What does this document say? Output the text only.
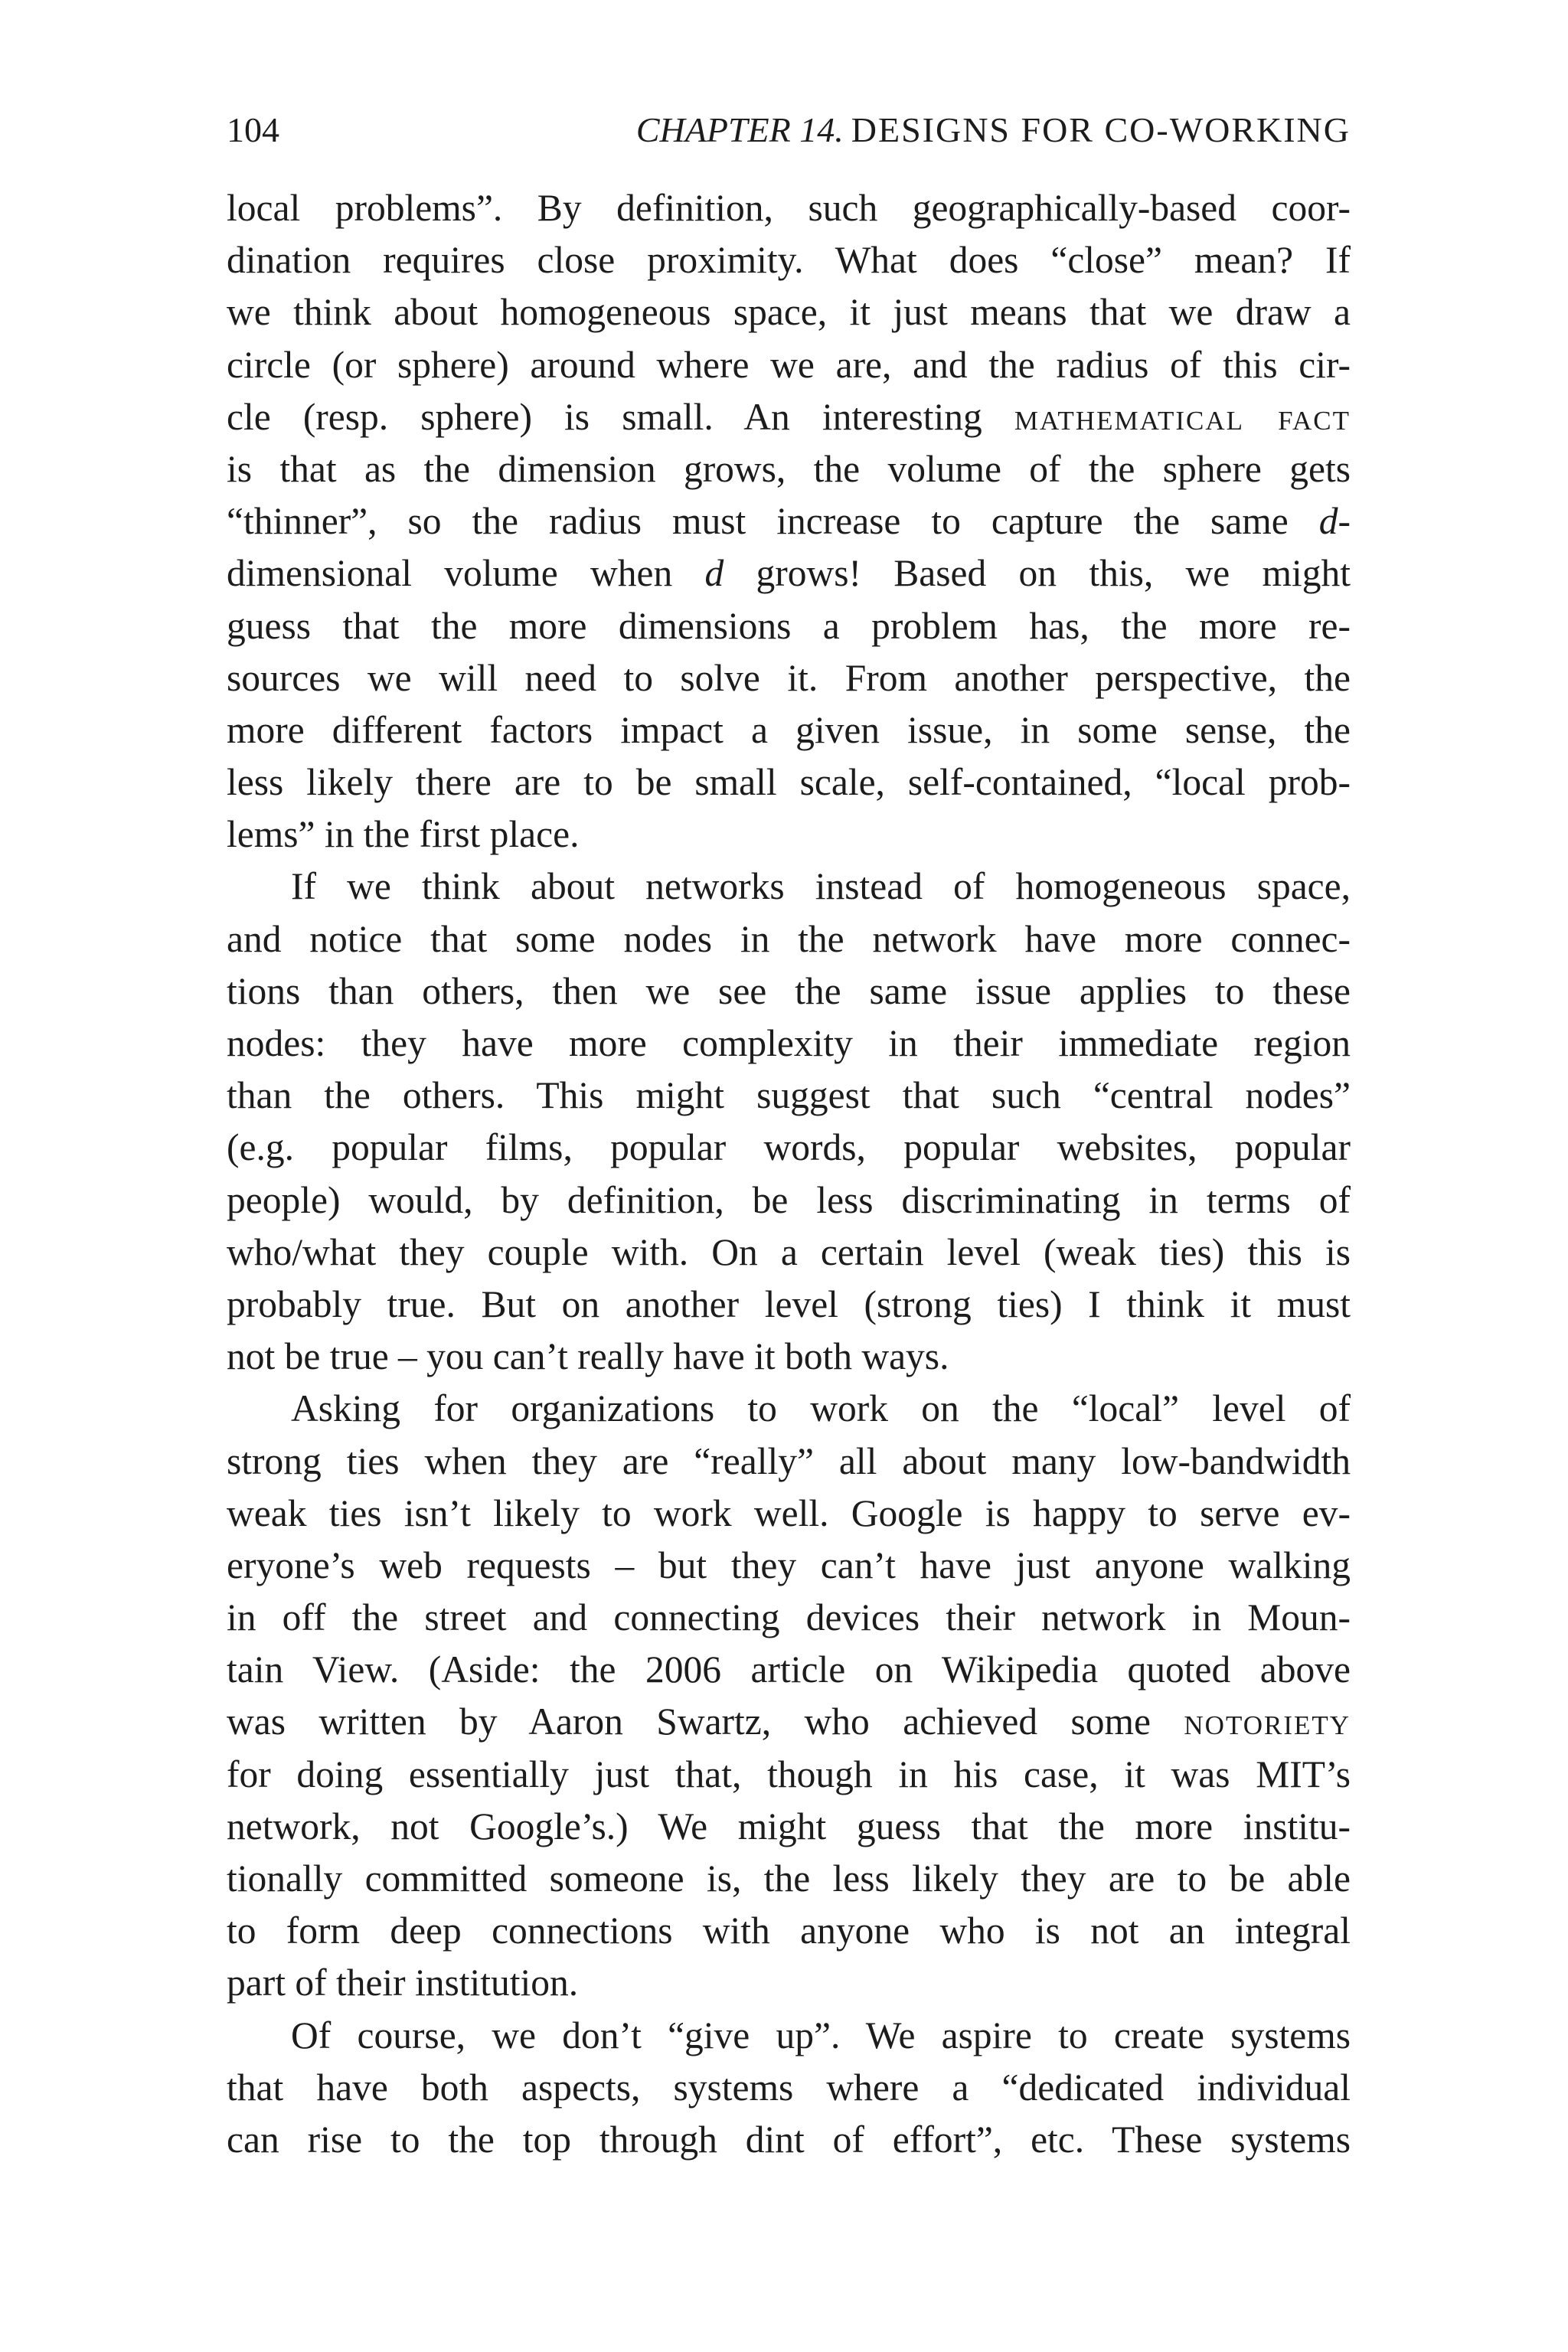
104	CHAPTER 14. DESIGNS FOR CO-WORKING
local problems”. By definition, such geographically-based coor-
dination requires close proximity. What does “close” mean? If
we think about homogeneous space, it just means that we draw a
circle (or sphere) around where we are, and the radius of this cir-
cle (resp. sphere) is small. An interesting mathematical fact
is that as the dimension grows, the volume of the sphere gets
“thinner”, so the radius must increase to capture the same d-
dimensional volume when d grows! Based on this, we might
guess that the more dimensions a problem has, the more re-
sources we will need to solve it. From another perspective, the
more different factors impact a given issue, in some sense, the
less likely there are to be small scale, self-contained, “local prob-
lems” in the first place.
If we think about networks instead of homogeneous space,
and notice that some nodes in the network have more connec-
tions than others, then we see the same issue applies to these
nodes: they have more complexity in their immediate region
than the others. This might suggest that such “central nodes”
(e.g. popular films, popular words, popular websites, popular
people) would, by definition, be less discriminating in terms of
who/what they couple with. On a certain level (weak ties) this is
probably true. But on another level (strong ties) I think it must
not be true – you can’t really have it both ways.
Asking for organizations to work on the “local” level of
strong ties when they are “really” all about many low-bandwidth
weak ties isn’t likely to work well. Google is happy to serve ev-
eryone’s web requests – but they can’t have just anyone walking
in off the street and connecting devices their network in Moun-
tain View. (Aside: the 2006 article on Wikipedia quoted above
was written by Aaron Swartz, who achieved some notoriety
for doing essentially just that, though in his case, it was MIT’s
network, not Google’s.) We might guess that the more institu-
tionally committed someone is, the less likely they are to be able
to form deep connections with anyone who is not an integral
part of their institution.
Of course, we don’t “give up”. We aspire to create systems
that have both aspects, systems where a “dedicated individual
can rise to the top through dint of effort”, etc. These systems
